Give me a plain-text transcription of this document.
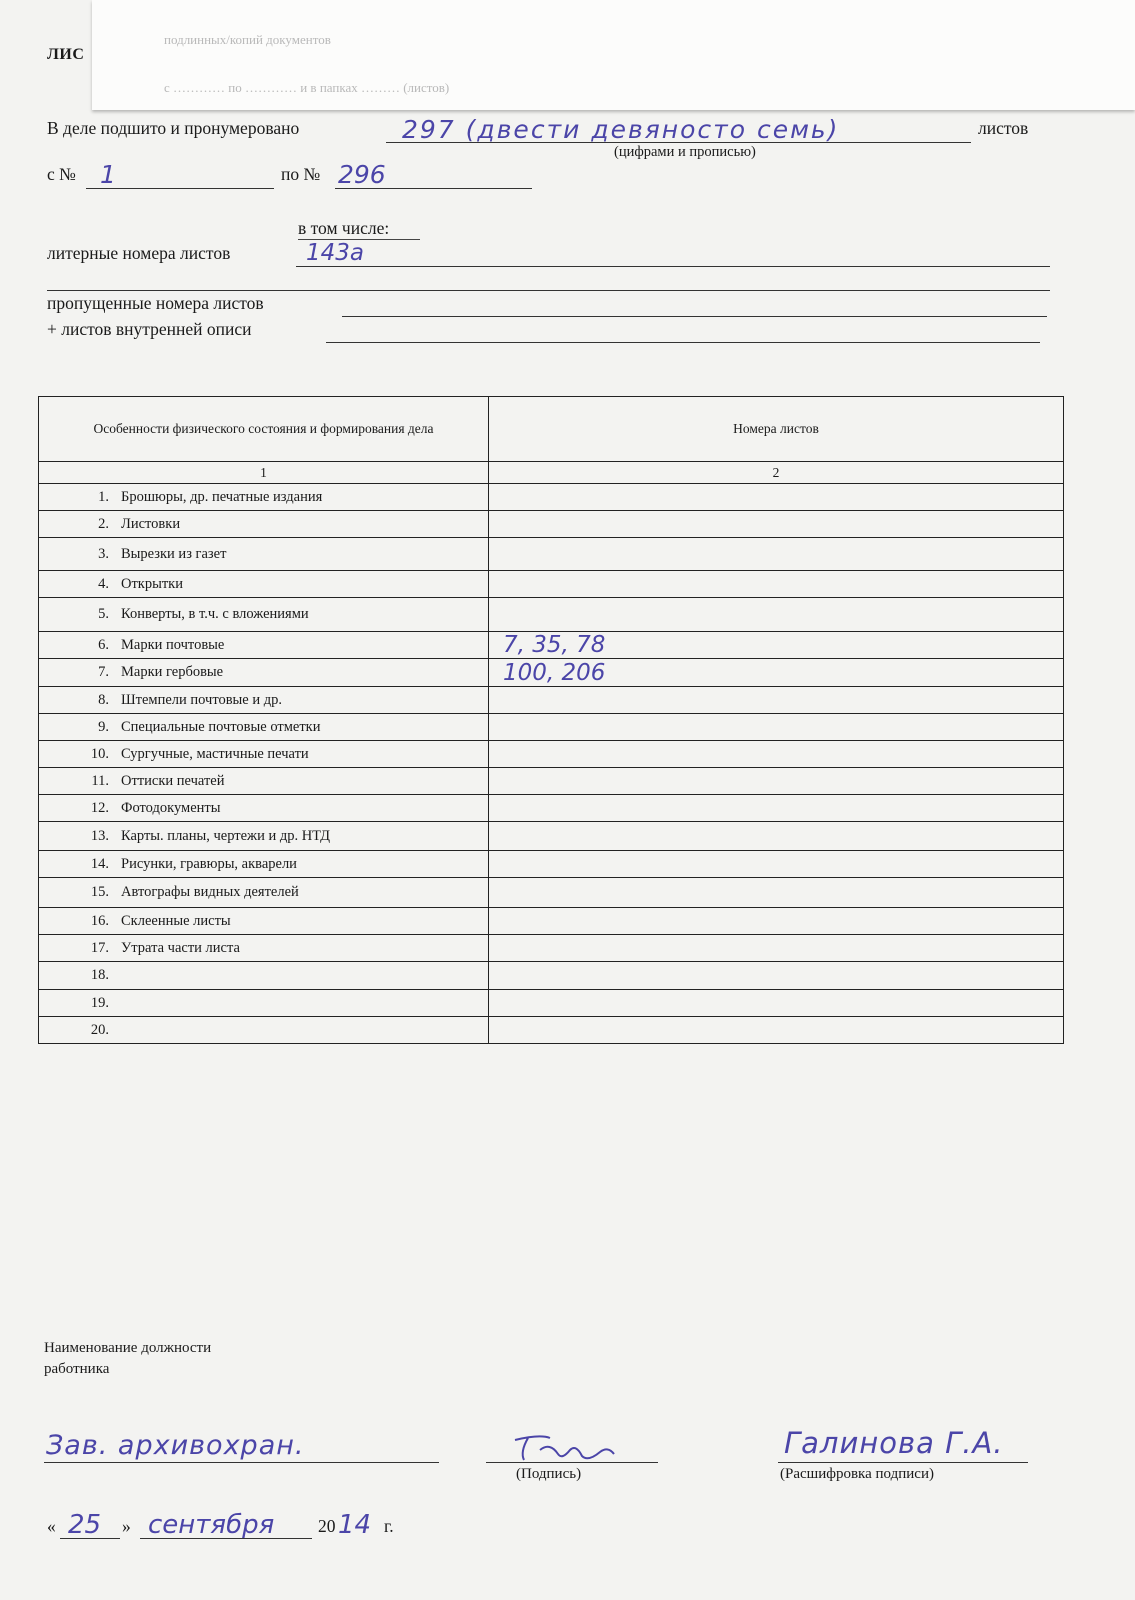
подлинных/копий документов
с ………… по ………… и в папках ……… (листов)
ЛИС
В деле подшито и пронумеровано	297 (двести девяносто семь)	листов
(цифрами и прописью)
с № 1	по № 296
в том числе:
литерные номера листов	143а
пропущенные номера листов
+ листов внутренней описи
Особенности физического состояния и формирования дела	Номера листов
1	2
1. Брошюры, др. печатные издания	
2. Листовки	
3. Вырезки из газет	
4. Открытки	
5. Конверты, в т.ч. с вложениями	
6. Марки почтовые	7, 35, 78
7. Марки гербовые	100, 206
8. Штемпели почтовые и др.	
9. Специальные почтовые отметки	
10. Сургучные, мастичные печати	
11. Оттиски печатей	
12. Фотодокументы	
13. Карты. планы, чертежи и др. НТД	
14. Рисунки, гравюры, акварели	
15. Автографы видных деятелей	
16. Склеенные листы	
17. Утрата части листа	
18.	
19.	
20.	
Наименование должности
работника
Зав. архивохран.
(Подпись)
Галинова Г.А.
(Расшифровка подписи)
« 25 » сентября 20 14 г.
